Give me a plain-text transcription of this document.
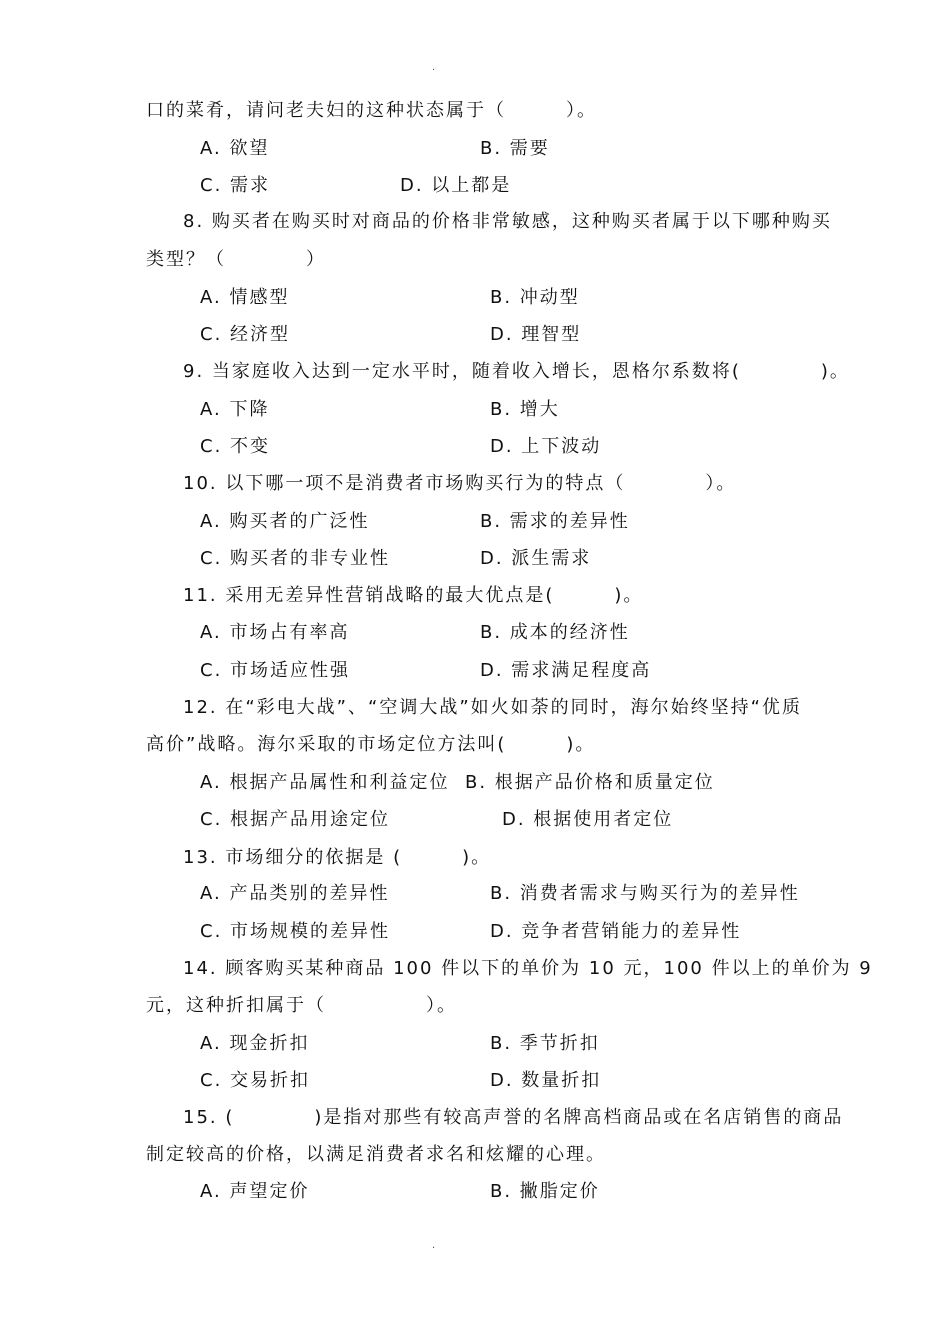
.
口的菜肴，请问老夫妇的这种状态属于（　　　）。
8. 购买者在购买时对商品的价格非常敏感，这种购买者属于以下哪种购买
类型？（　　　　）
9. 当家庭收入达到一定水平时，随着收入增长，恩格尔系数将(　　　　)。
10. 以下哪一项不是消费者市场购买行为的特点（　　　　）。
11. 采用无差异性营销战略的最大优点是(　　　)。
12. 在“彩电大战”、“空调大战”如火如荼的同时，海尔始终坚持“优质
高价”战略。海尔采取的市场定位方法叫(　　　)。
13. 市场细分的依据是 (　　　)。
14. 顾客购买某种商品 100 件以下的单价为 10 元，100 件以上的单价为 9
元，这种折扣属于（　　　　　）。
15. (　　　　)是指对那些有较高声誉的名牌高档商品或在名店销售的商品
制定较高的价格，以满足消费者求名和炫耀的心理。
A. 欲望	B. 需要
C. 需求	D. 以上都是
A. 情感型	B. 冲动型
C. 经济型	D. 理智型
A. 下降	B. 增大
C. 不变	D. 上下波动
A. 购买者的广泛性	B. 需求的差异性
C. 购买者的非专业性	D. 派生需求
A. 市场占有率高	B. 成本的经济性
C. 市场适应性强	D. 需求满足程度高
A. 根据产品属性和利益定位 B. 根据产品价格和质量定位
C. 根据产品用途定位	D. 根据使用者定位
A. 产品类别的差异性	B. 消费者需求与购买行为的差异性
C. 市场规模的差异性	D. 竞争者营销能力的差异性
A. 现金折扣	B. 季节折扣
C. 交易折扣	D. 数量折扣
A. 声望定价	B. 撇脂定价
.
